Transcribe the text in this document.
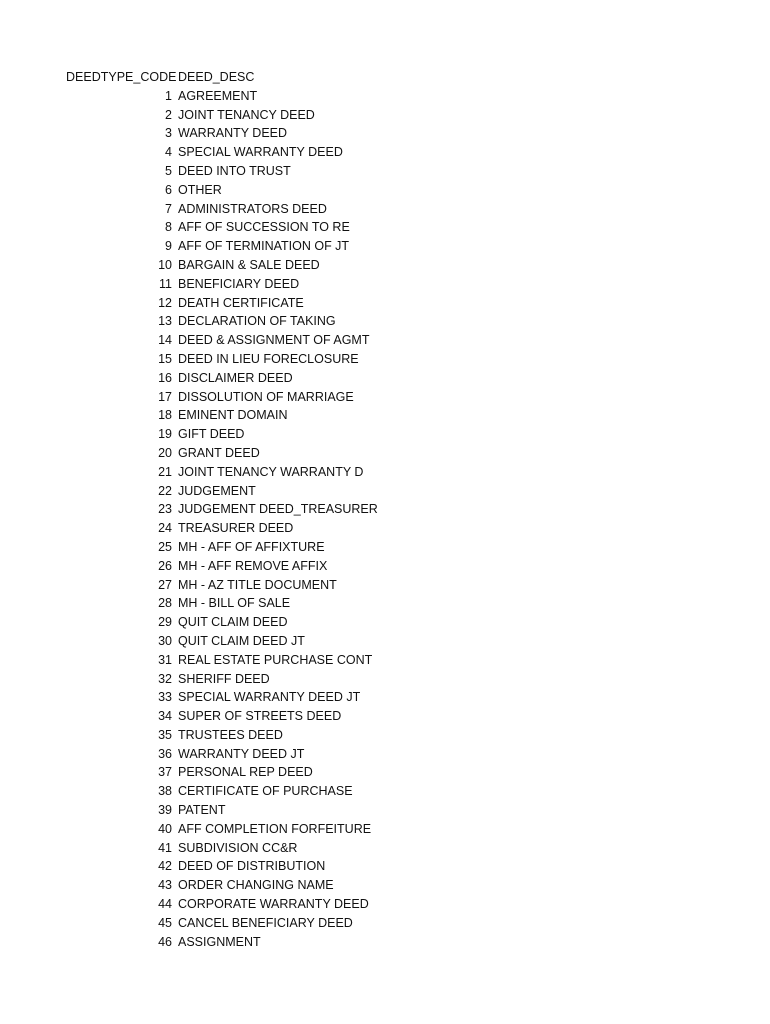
DEEDTYPE_CODE DEED_DESC
1 AGREEMENT
2 JOINT TENANCY DEED
3 WARRANTY DEED
4 SPECIAL WARRANTY DEED
5 DEED INTO TRUST
6 OTHER
7 ADMINISTRATORS DEED
8 AFF OF SUCCESSION TO RE
9 AFF OF TERMINATION OF JT
10 BARGAIN & SALE DEED
11 BENEFICIARY DEED
12 DEATH CERTIFICATE
13 DECLARATION OF TAKING
14 DEED & ASSIGNMENT OF AGMT
15 DEED IN LIEU FORECLOSURE
16 DISCLAIMER DEED
17 DISSOLUTION OF MARRIAGE
18 EMINENT DOMAIN
19 GIFT DEED
20 GRANT DEED
21 JOINT TENANCY WARRANTY D
22 JUDGEMENT
23 JUDGEMENT DEED_TREASURER
24 TREASURER DEED
25 MH - AFF OF AFFIXTURE
26 MH - AFF REMOVE AFFIX
27 MH - AZ TITLE DOCUMENT
28 MH - BILL OF SALE
29 QUIT CLAIM DEED
30 QUIT CLAIM DEED JT
31 REAL ESTATE PURCHASE CONT
32 SHERIFF DEED
33 SPECIAL WARRANTY DEED JT
34 SUPER OF STREETS DEED
35 TRUSTEES DEED
36 WARRANTY DEED JT
37 PERSONAL REP DEED
38 CERTIFICATE OF PURCHASE
39 PATENT
40 AFF COMPLETION FORFEITURE
41 SUBDIVISION CC&R
42 DEED OF DISTRIBUTION
43 ORDER CHANGING NAME
44 CORPORATE WARRANTY DEED
45 CANCEL BENEFICIARY DEED
46 ASSIGNMENT
